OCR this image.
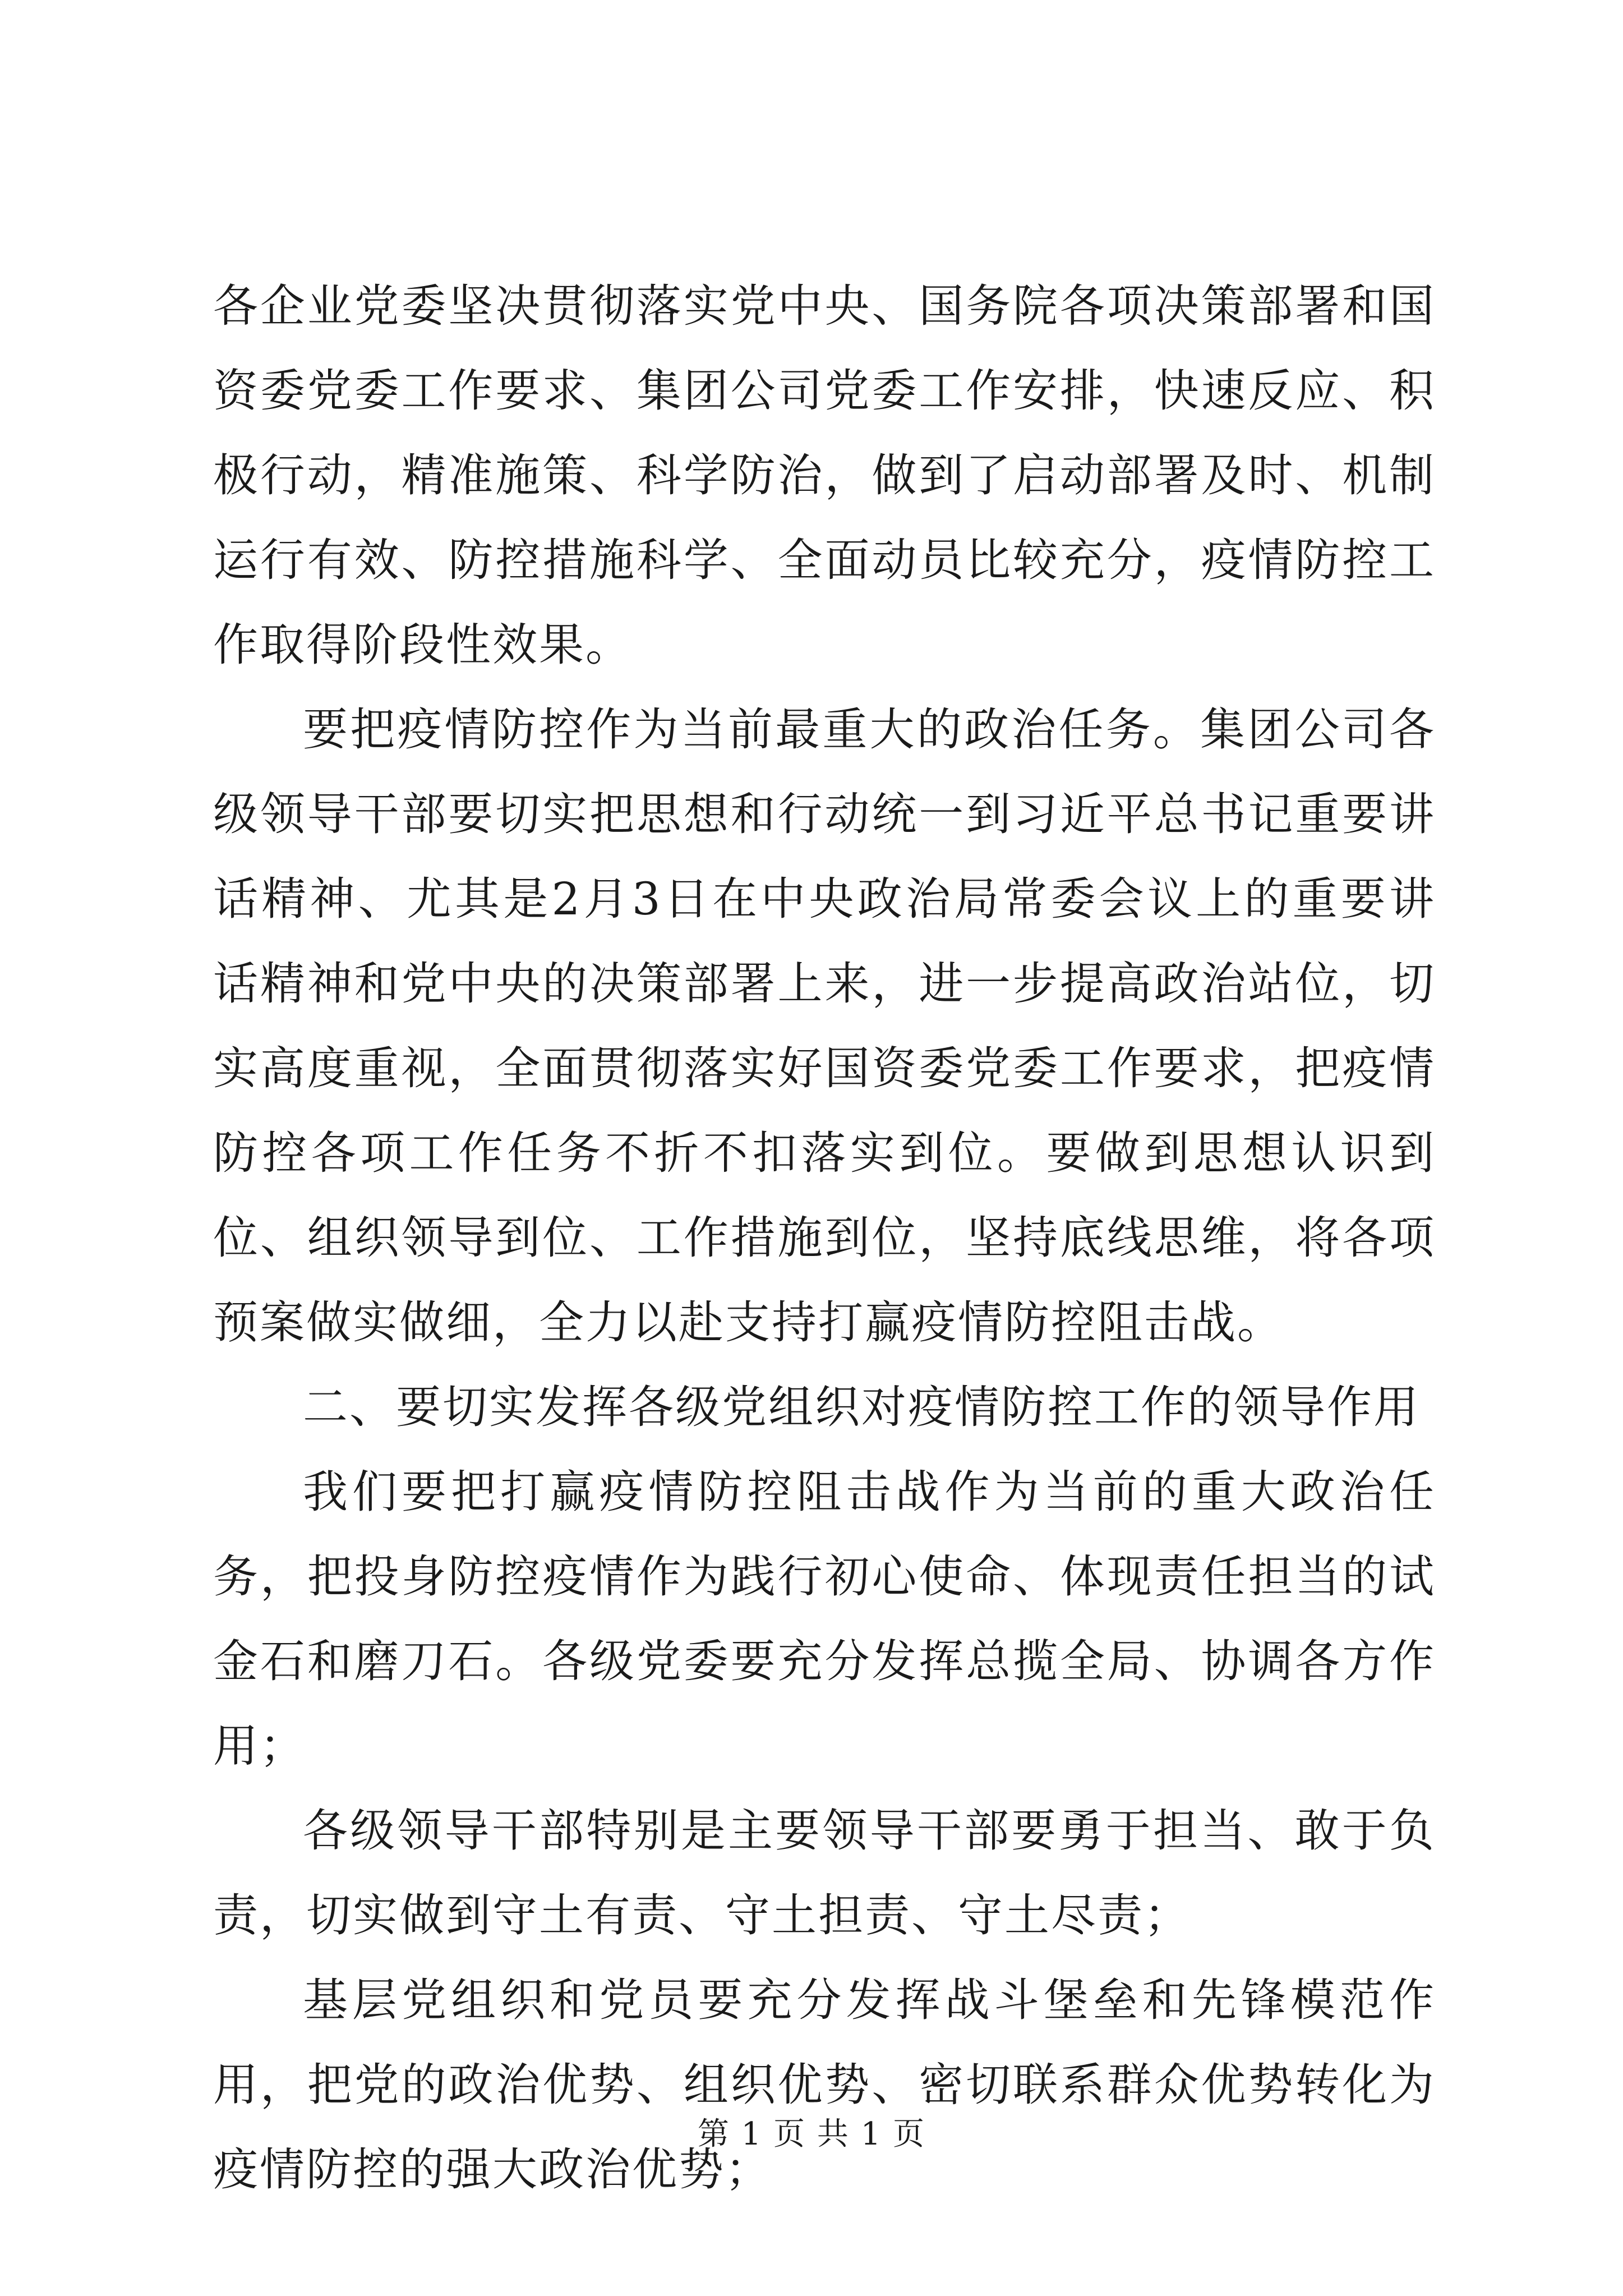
各企业党委坚决贯彻落实党中央、国务院各项决策部署和国资委党委工作要求、集团公司党委工作安排，快速反应、积极行动，精准施策、科学防治，做到了启动部署及时、机制运行有效、防控措施科学、全面动员比较充分，疫情防控工作取得阶段性效果。

要把疫情防控作为当前最重大的政治任务。集团公司各级领导干部要切实把思想和行动统一到习近平总书记重要讲话精神、尤其是2月3日在中央政治局常委会议上的重要讲话精神和党中央的决策部署上来，进一步提高政治站位，切实高度重视，全面贯彻落实好国资委党委工作要求，把疫情防控各项工作任务不折不扣落实到位。要做到思想认识到位、组织领导到位、工作措施到位，坚持底线思维，将各项预案做实做细，全力以赴支持打赢疫情防控阻击战。

二、要切实发挥各级党组织对疫情防控工作的领导作用

我们要把打赢疫情防控阻击战作为当前的重大政治任务，把投身防控疫情作为践行初心使命、体现责任担当的试金石和磨刀石。各级党委要充分发挥总揽全局、协调各方作用；

各级领导干部特别是主要领导干部要勇于担当、敢于负责，切实做到守土有责、守土担责、守土尽责；

基层党组织和党员要充分发挥战斗堡垒和先锋模范作用，把党的政治优势、组织优势、密切联系群众优势转化为疫情防控的强大政治优势；

第 1 页 共 1 页
